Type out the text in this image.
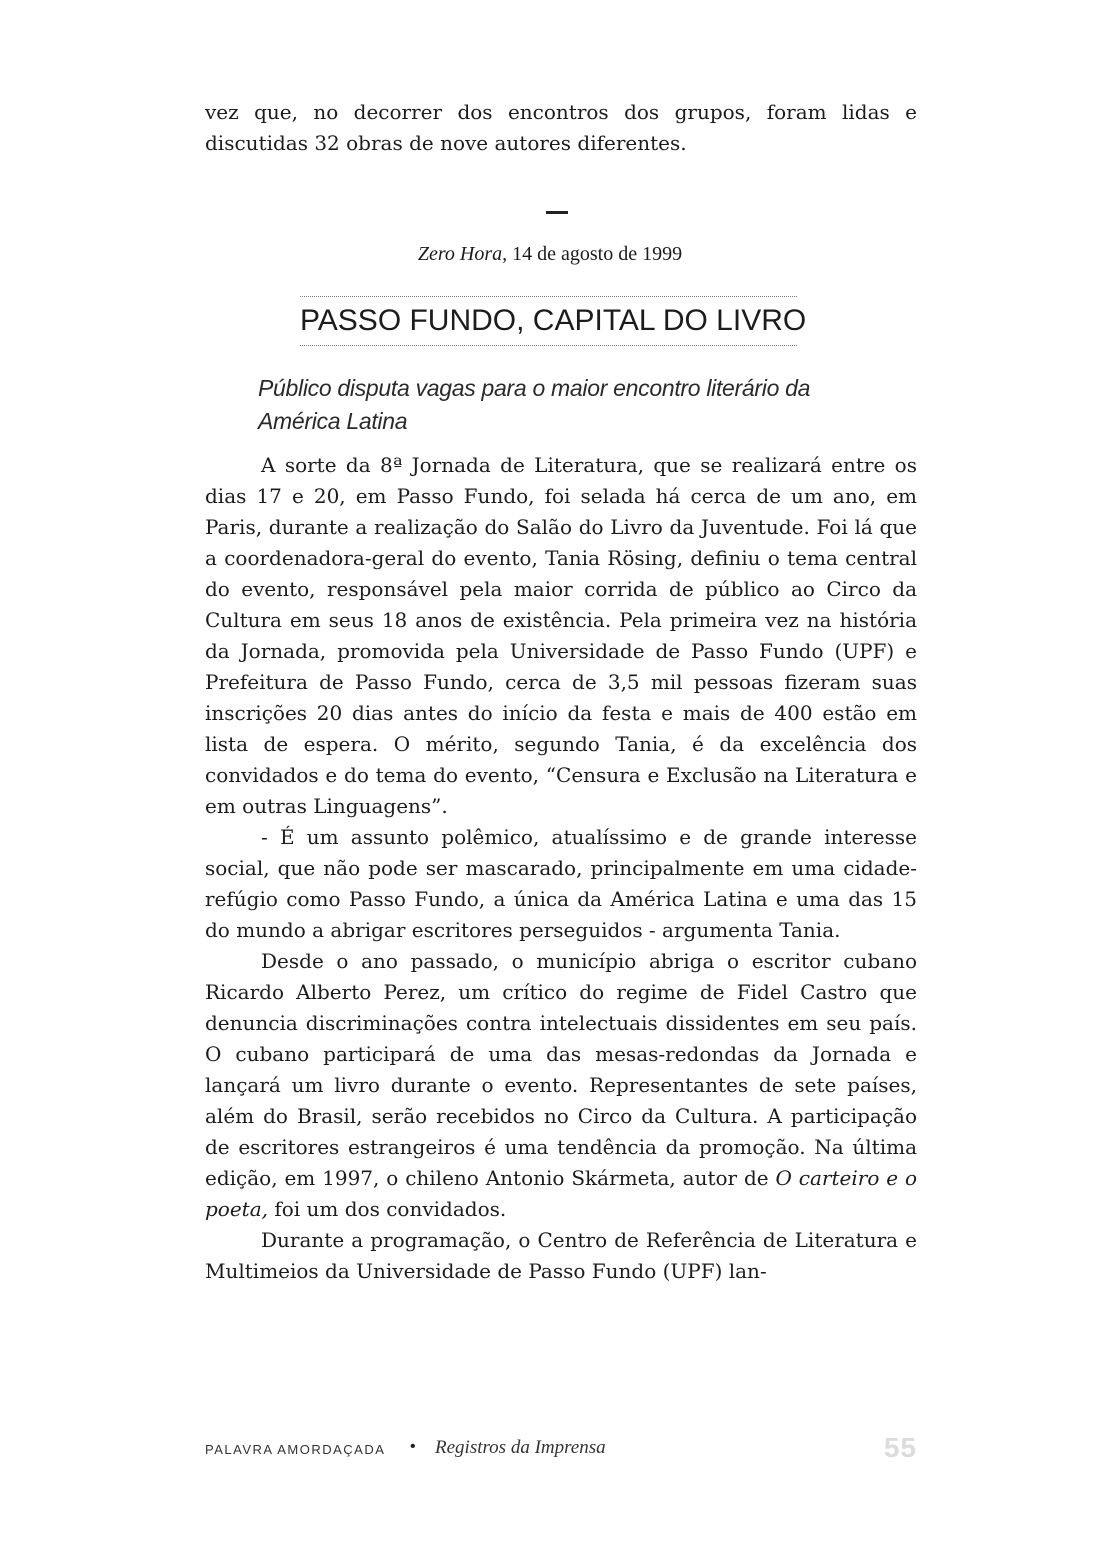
vez que, no decorrer dos encontros dos grupos, foram lidas e discutidas 32 obras de nove autores diferentes.
Zero Hora, 14 de agosto de 1999
PASSO FUNDO, CAPITAL DO LIVRO
Público disputa vagas para o maior encontro literário da América Latina

A sorte da 8ª Jornada de Literatura, que se realizará entre os dias 17 e 20, em Passo Fundo, foi selada há cerca de um ano, em Paris, durante a realização do Salão do Livro da Juventude. Foi lá que a coordenadora-geral do evento, Tania Rösing, definiu o tema central do evento, responsável pela maior corrida de público ao Circo da Cultura em seus 18 anos de existência. Pela primeira vez na história da Jornada, promovida pela Universidade de Passo Fundo (UPF) e Prefeitura de Passo Fundo, cerca de 3,5 mil pessoas fizeram suas inscrições 20 dias antes do início da festa e mais de 400 estão em lista de espera. O mérito, segundo Tania, é da excelência dos convidados e do tema do evento, “Censura e Exclusão na Literatura e em outras Linguagens”.

- É um assunto polêmico, atualíssimo e de grande interesse social, que não pode ser mascarado, principalmente em uma cidade-refúgio como Passo Fundo, a única da América Latina e uma das 15 do mundo a abrigar escritores perseguidos - argumenta Tania.

Desde o ano passado, o município abriga o escritor cubano Ricardo Alberto Perez, um crítico do regime de Fidel Castro que denuncia discriminações contra intelectuais dissidentes em seu país. O cubano participará de uma das mesas-redondas da Jornada e lançará um livro durante o evento. Representantes de sete países, além do Brasil, serão recebidos no Circo da Cultura. A participação de escritores estrangeiros é uma tendência da promoção. Na última edição, em 1997, o chileno Antonio Skármeta, autor de O carteiro e o poeta, foi um dos convidados.

Durante a programação, o Centro de Referência de Literatura e Multimeios da Universidade de Passo Fundo (UPF) lan-

PALAVRA AMORDAÇADA • Registros da Imprensa	55
